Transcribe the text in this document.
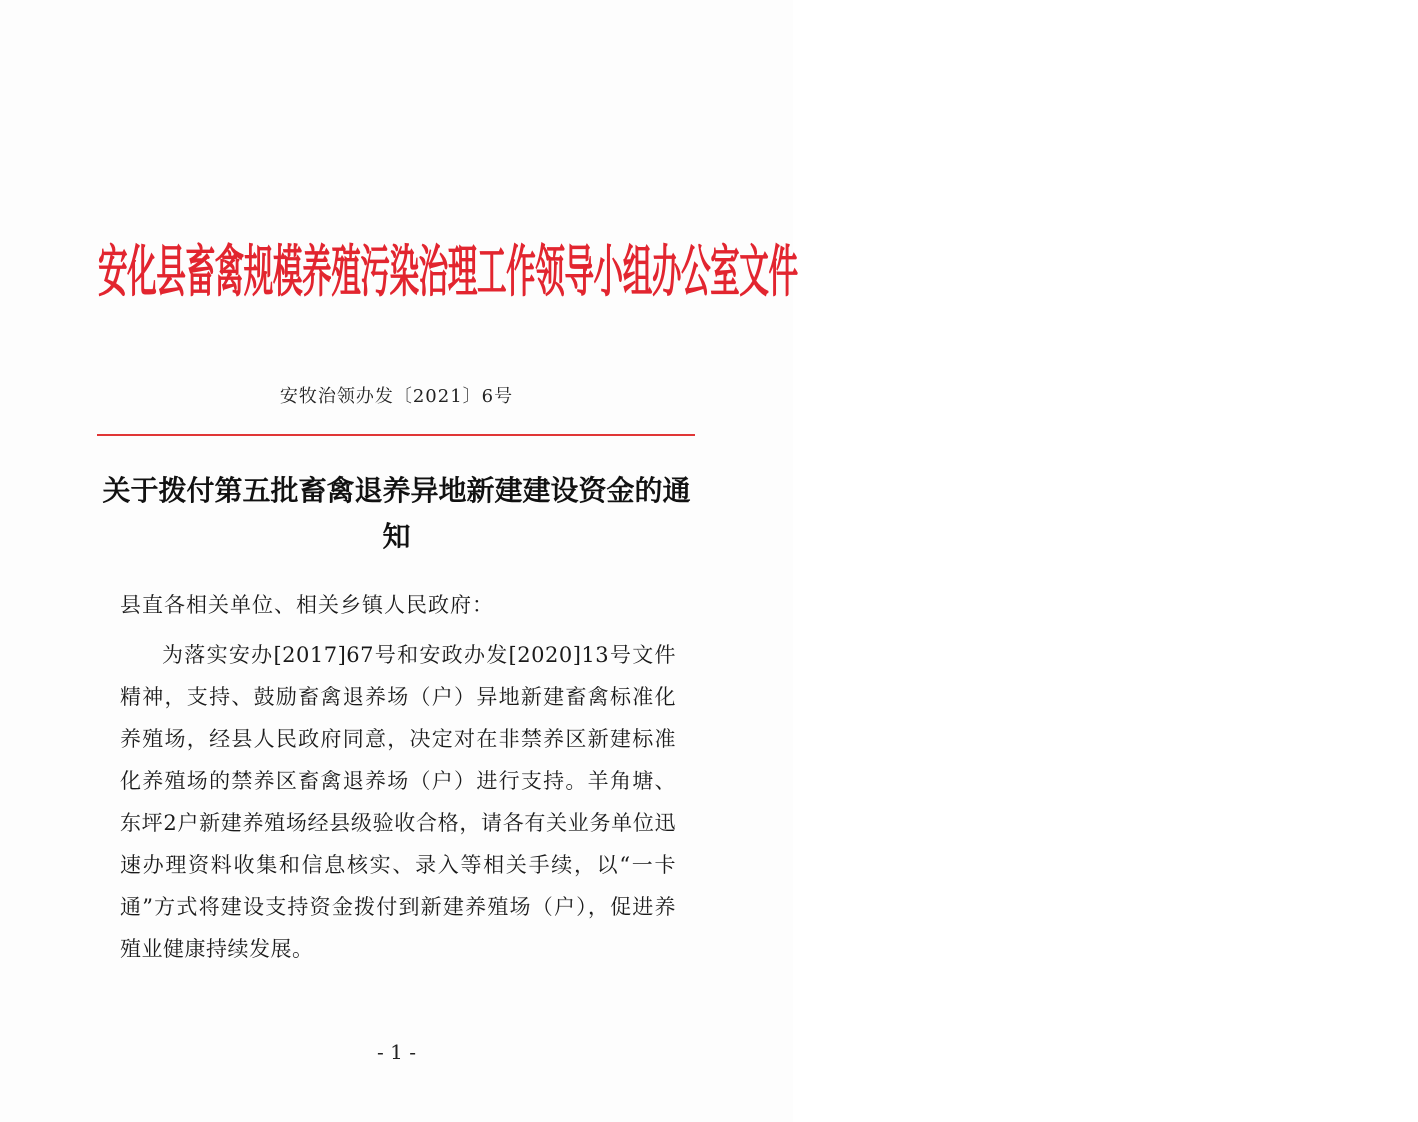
安化县畜禽规模养殖污染治理工作领导小组办公室文件
安牧治领办发〔2021〕6号
关于拨付第五批畜禽退养异地新建建设资金的通知
县直各相关单位、相关乡镇人民政府：
为落实安办[2017]67号和安政办发[2020]13号文件精神，支持、鼓励畜禽退养场（户）异地新建畜禽标准化养殖场，经县人民政府同意，决定对在非禁养区新建标准化养殖场的禁养区畜禽退养场（户）进行支持。羊角塘、东坪2户新建养殖场经县级验收合格，请各有关业务单位迅速办理资料收集和信息核实、录入等相关手续，以“一卡通”方式将建设支持资金拨付到新建养殖场（户），促进养殖业健康持续发展。
- 1 -
